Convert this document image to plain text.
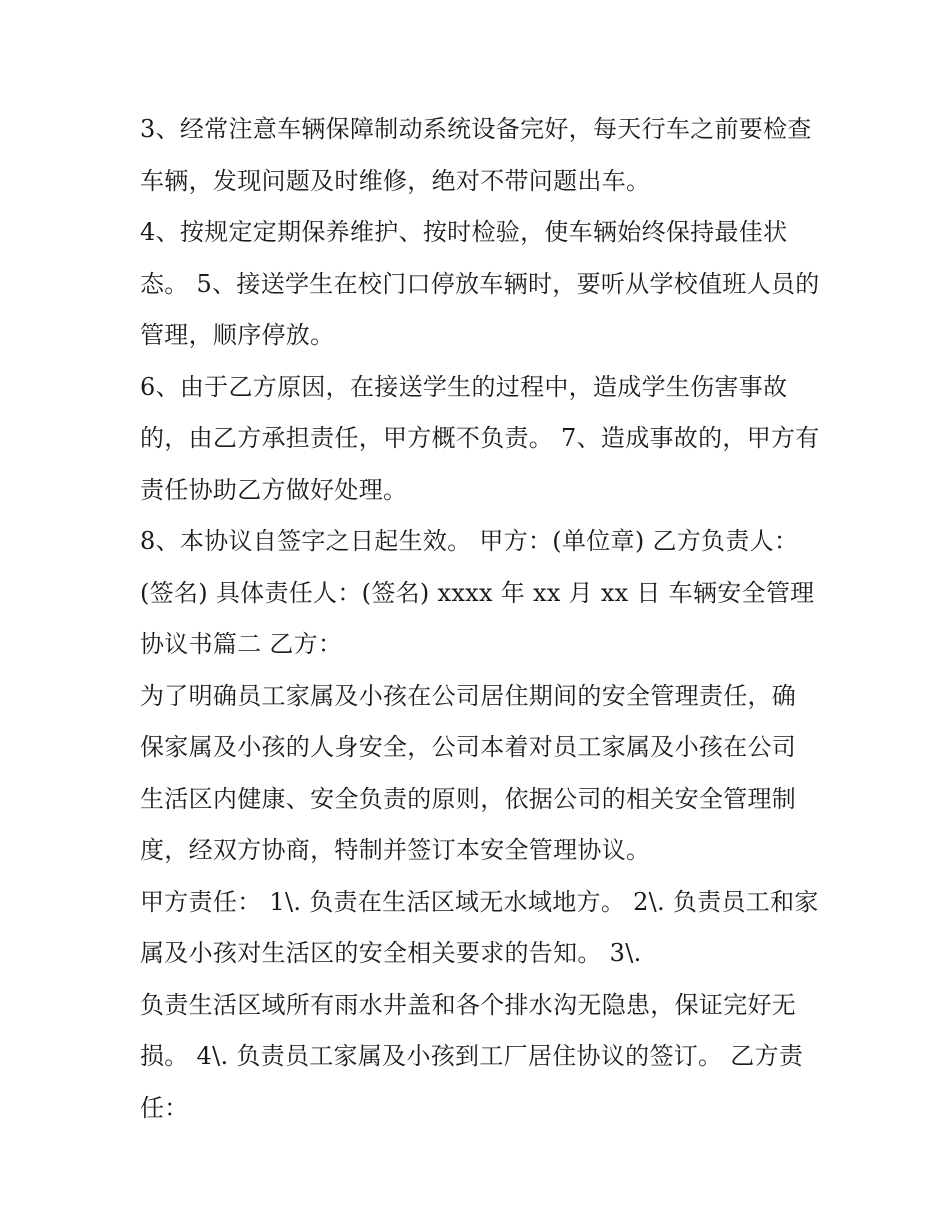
3、经常注意车辆保障制动系统设备完好，每天行车之前要检查车辆，发现问题及时维修，绝对不带问题出车。

4、按规定定期保养维护、按时检验，使车辆始终保持最佳状态。 5、接送学生在校门口停放车辆时，要听从学校值班人员的管理，顺序停放。

6、由于乙方原因，在接送学生的过程中，造成学生伤害事故的，由乙方承担责任，甲方概不负责。 7、造成事故的，甲方有责任协助乙方做好处理。

8、本协议自签字之日起生效。 甲方：(单位章) 乙方负责人：(签名) 具体责任人：(签名) xxxx 年 xx 月 xx 日 车辆安全管理协议书篇二 乙方：

为了明确员工家属及小孩在公司居住期间的安全管理责任，确保家属及小孩的人身安全，公司本着对员工家属及小孩在公司生活区内健康、安全负责的原则，依据公司的相关安全管理制度，经双方协商，特制并签订本安全管理协议。

甲方责任： 1\. 负责在生活区域无水域地方。 2\. 负责员工和家属及小孩对生活区的安全相关要求的告知。 3\.

负责生活区域所有雨水井盖和各个排水沟无隐患，保证完好无损。 4\. 负责员工家属及小孩到工厂居住协议的签订。 乙方责任：
